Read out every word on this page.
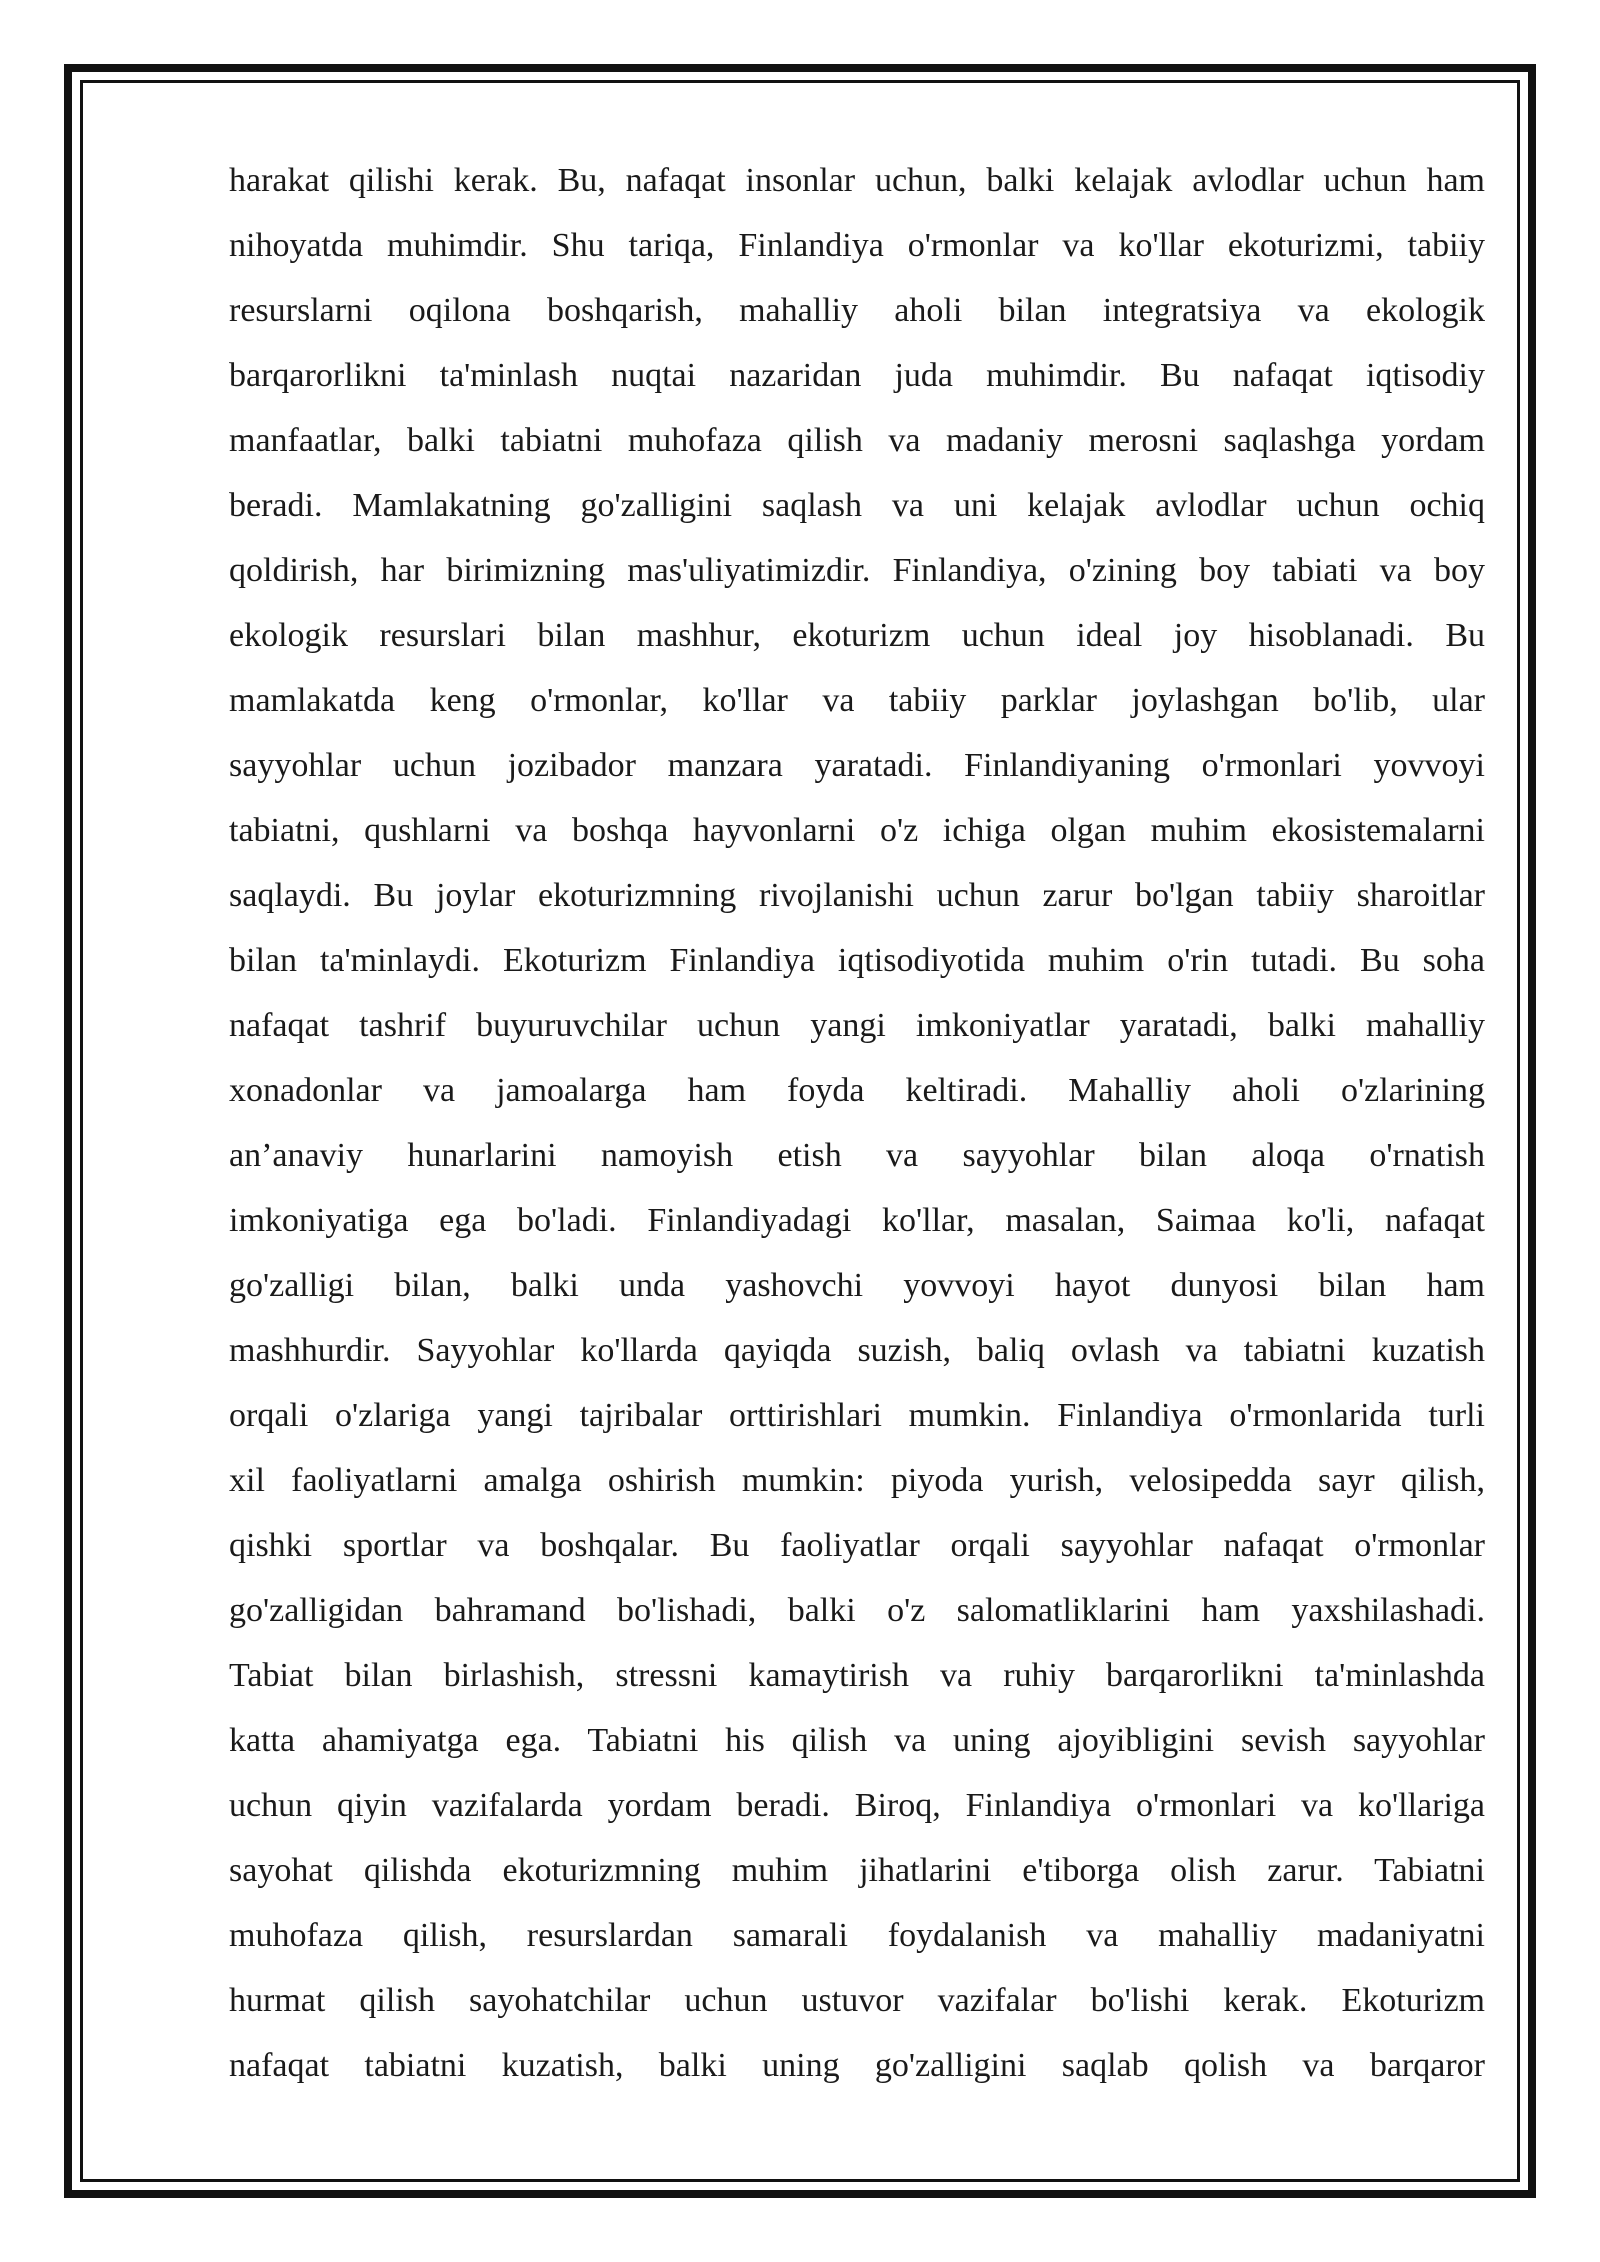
harakat qilishi kerak. Bu, nafaqat insonlar uchun, balki kelajak avlodlar uchun ham
nihoyatda muhimdir. Shu tariqa, Finlandiya o'rmonlar va ko'llar ekoturizmi, tabiiy
resurslarni oqilona boshqarish, mahalliy aholi bilan integratsiya va ekologik
barqarorlikni ta'minlash nuqtai nazaridan juda muhimdir. Bu nafaqat iqtisodiy
manfaatlar, balki tabiatni muhofaza qilish va madaniy merosni saqlashga yordam
beradi. Mamlakatning go'zalligini saqlash va uni kelajak avlodlar uchun ochiq
qoldirish, har birimizning mas'uliyatimizdir. Finlandiya, o'zining boy tabiati va boy
ekologik resurslari bilan mashhur, ekoturizm uchun ideal joy hisoblanadi. Bu
mamlakatda keng o'rmonlar, ko'llar va tabiiy parklar joylashgan bo'lib, ular
sayyohlar uchun jozibador manzara yaratadi. Finlandiyaning o'rmonlari yovvoyi
tabiatni, qushlarni va boshqa hayvonlarni o'z ichiga olgan muhim ekosistemalarni
saqlaydi. Bu joylar ekoturizmning rivojlanishi uchun zarur bo'lgan tabiiy sharoitlar
bilan ta'minlaydi. Ekoturizm Finlandiya iqtisodiyotida muhim o'rin tutadi. Bu soha
nafaqat tashrif buyuruvchilar uchun yangi imkoniyatlar yaratadi, balki mahalliy
xonadonlar va jamoalarga ham foyda keltiradi. Mahalliy aholi o'zlarining
an’anaviy hunarlarini namoyish etish va sayyohlar bilan aloqa o'rnatish
imkoniyatiga ega bo'ladi. Finlandiyadagi ko'llar, masalan, Saimaa ko'li, nafaqat
go'zalligi bilan, balki unda yashovchi yovvoyi hayot dunyosi bilan ham
mashhurdir. Sayyohlar ko'llarda qayiqda suzish, baliq ovlash va tabiatni kuzatish
orqali o'zlariga yangi tajribalar orttirishlari mumkin. Finlandiya o'rmonlarida turli
xil faoliyatlarni amalga oshirish mumkin: piyoda yurish, velosipedda sayr qilish,
qishki sportlar va boshqalar. Bu faoliyatlar orqali sayyohlar nafaqat o'rmonlar
go'zalligidan bahramand bo'lishadi, balki o'z salomatliklarini ham yaxshilashadi.
Tabiat bilan birlashish, stressni kamaytirish va ruhiy barqarorlikni ta'minlashda
katta ahamiyatga ega. Tabiatni his qilish va uning ajoyibligini sevish sayyohlar
uchun qiyin vazifalarda yordam beradi. Biroq, Finlandiya o'rmonlari va ko'llariga
sayohat qilishda ekoturizmning muhim jihatlarini e'tiborga olish zarur. Tabiatni
muhofaza qilish, resurslardan samarali foydalanish va mahalliy madaniyatni
hurmat qilish sayohatchilar uchun ustuvor vazifalar bo'lishi kerak. Ekoturizm
nafaqat tabiatni kuzatish, balki uning go'zalligini saqlab qolish va barqaror
